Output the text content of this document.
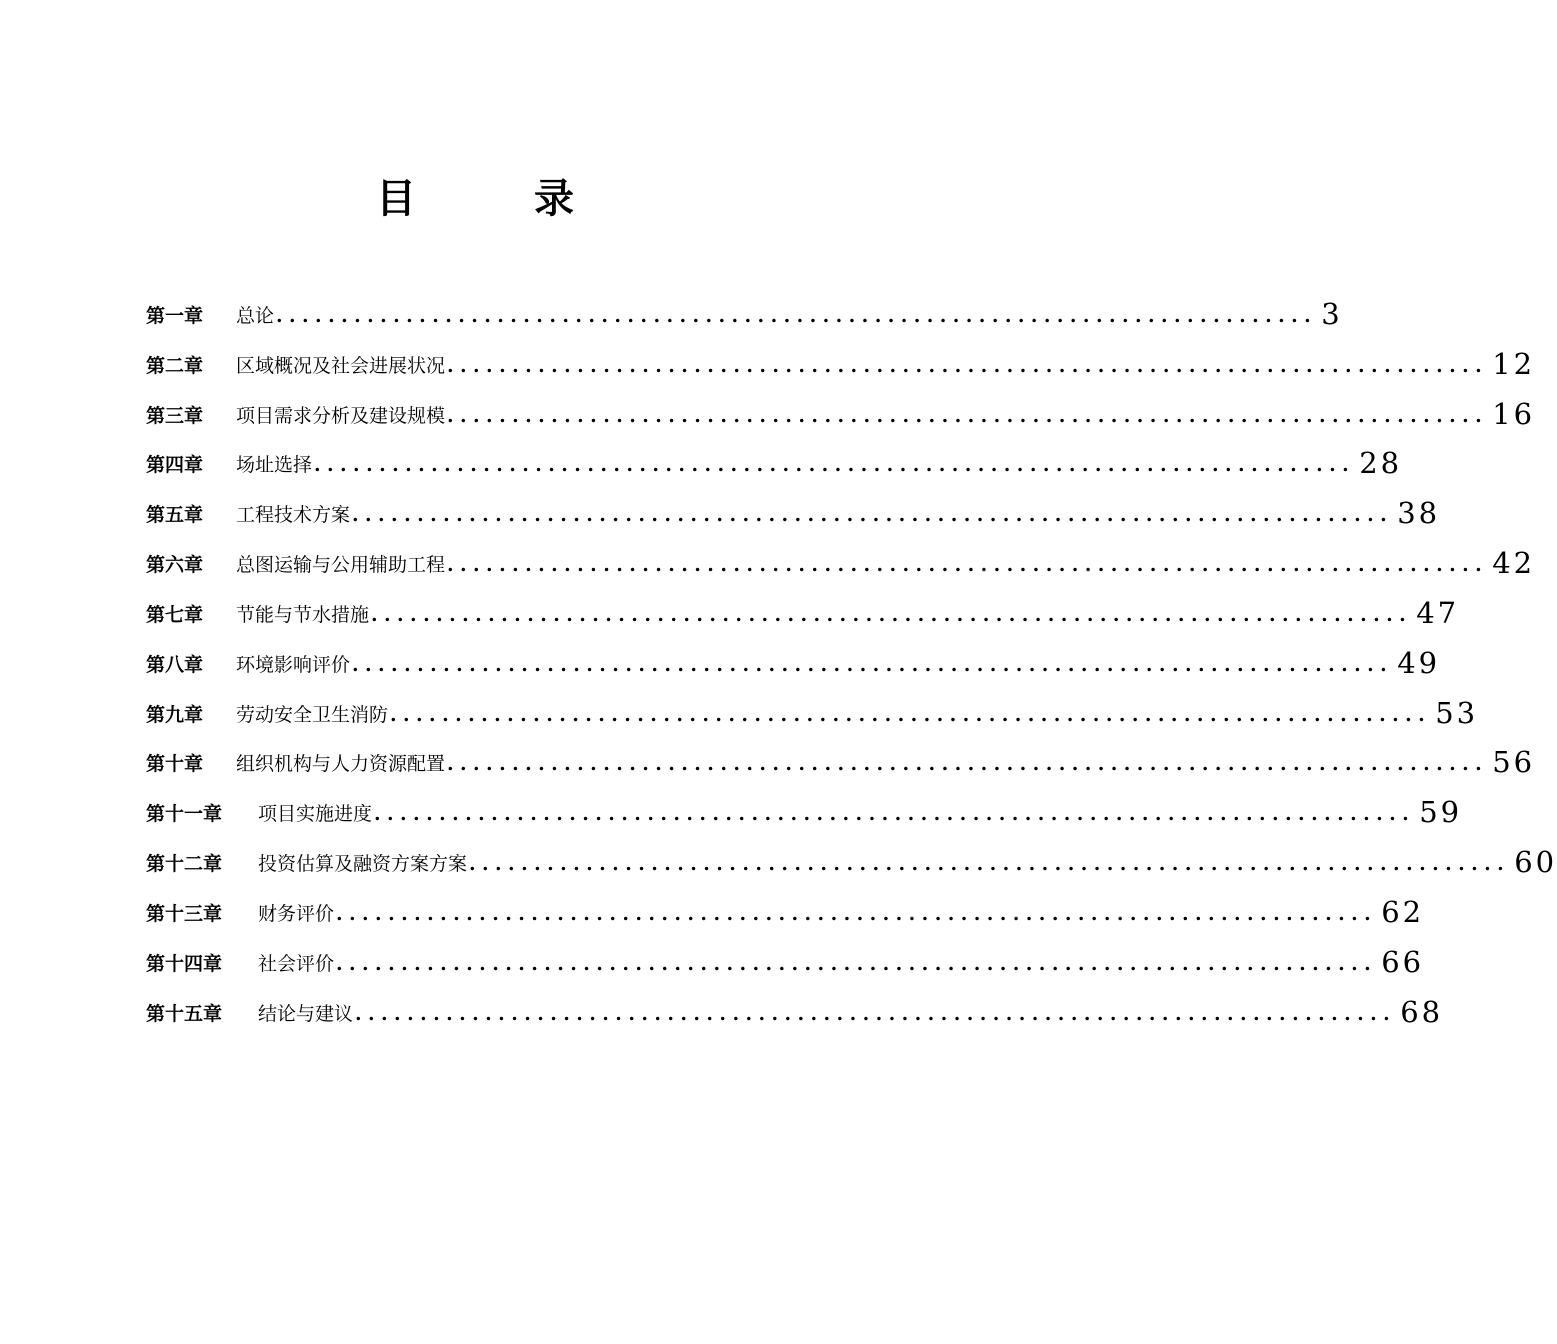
目 录
第一章	总论 ................................................................................ 3
第二章	区域概况及社会进展状况 ................................................................................ 12
第三章	项目需求分析及建设规模 ................................................................................ 16
第四章	场址选择 ................................................................................ 28
第五章	工程技术方案 ................................................................................ 38
第六章	总图运输与公用辅助工程 ................................................................................ 42
第七章	节能与节水措施 ................................................................................ 47
第八章	环境影响评价 ................................................................................ 49
第九章	劳动安全卫生消防 ................................................................................ 53
第十章	组织机构与人力资源配置 ................................................................................ 56
第十一章	项目实施进度 ................................................................................ 59
第十二章	投资估算及融资方案方案 ................................................................................ 60
第十三章	财务评价 ................................................................................ 62
第十四章	社会评价 ................................................................................ 66
第十五章	结论与建议 ................................................................................ 68
